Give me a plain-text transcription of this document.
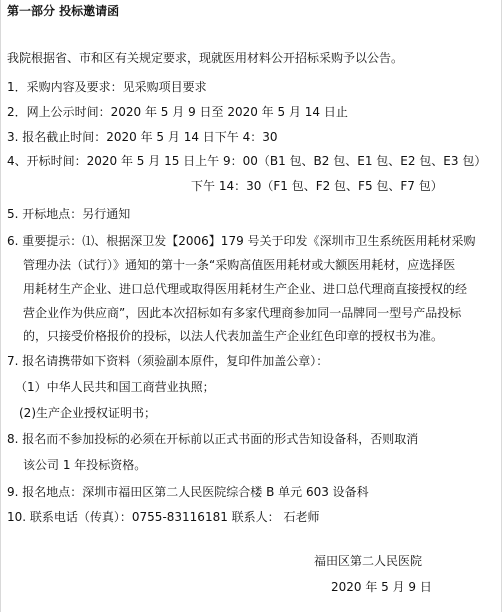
第一部分 投标邀请函
我院根据省、市和区有关规定要求，现就医用材料公开招标采购予以公告。
1．采购内容及要求：见采购项目要求
2．网上公示时间：2020 年 5 月 9 日至 2020 年 5 月 14 日止
3. 报名截止时间：2020 年 5 月 14 日下午 4：30
4、开标时间：2020 年 5 月 15 日上午 9：00（B1 包、B2 包、E1 包、E2 包、E3 包）
下午 14：30（F1 包、F2 包、F5 包、F7 包）
5. 开标地点：另行通知
6. 重要提示：⑴、根据深卫发【2006】179 号关于印发《深圳市卫生系统医用耗材采购
管理办法（试行）》通知的第十一条“采购高值医用耗材或大额医用耗材，应选择医
用耗材生产企业、进口总代理或取得医用耗材生产企业、进口总代理商直接授权的经
营企业作为供应商”，因此本次招标如有多家代理商参加同一品牌同一型号产品投标
的，只接受价格报价的投标，以法人代表加盖生产企业红色印章的授权书为准。
7. 报名请携带如下资料（须验副本原件，复印件加盖公章）：
（1）中华人民共和国工商营业执照；
(2)生产企业授权证明书；
8. 报名而不参加投标的必须在开标前以正式书面的形式告知设备科，否则取消
该公司 1 年投标资格。
9. 报名地点：深圳市福田区第二人民医院综合楼 B 单元 603 设备科
10. 联系电话（传真）：0755-83116181 联系人： 石老师
福田区第二人民医院
2020 年 5 月 9 日
